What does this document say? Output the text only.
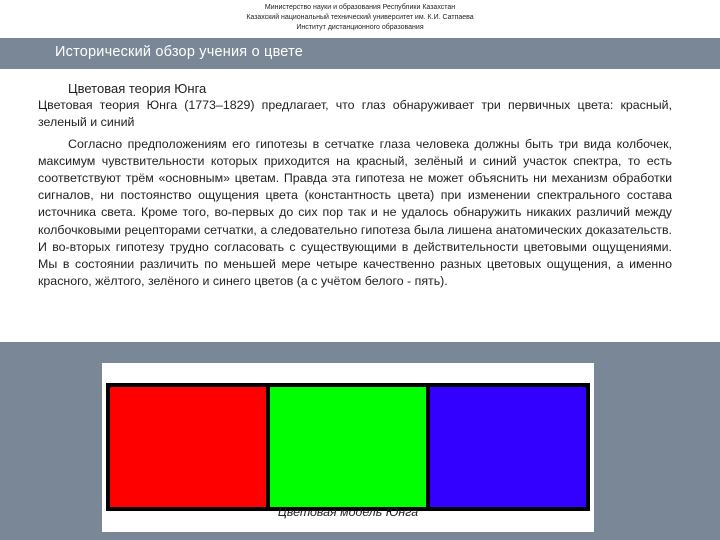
Министерство науки и образования Республики Казахстан
Казахский нациoнальный технический университет им. К.И. Сатпаева
Институт дистанционного образования
Исторический обзор учения о цвете
Цветовая теория Юнга
Цветовая теория Юнга (1773–1829) предлагает, что глаз обнаруживает три первичных цвета: красный, зеленый и синий
Согласно предположениям его гипотезы в сетчатке глаза человека должны быть три вида колбочек, максимум чувствительности которых приходится на красный, зелёный и синий участок спектра, то есть соответствуют трём «основным» цветам. Правда эта гипотеза не может объяснить ни механизм обработки сигналов, ни постоянство ощущения цвета (константность цвета) при изменении спектрального состава источника света. Кроме того, во-первых до сих пор так и не удалось обнаружить никаких различий между колбочковыми рецепторами сетчатки, а следовательно гипотеза была лишена анатомических доказательств. И во-вторых гипотезу трудно согласовать с существующими в действительности цветовыми ощущениями. Мы в состоянии различить по меньшей мере четыре качественно разных цветовых ощущения, а именно красного, жёлтого, зелёного и синего цветов (а с учётом белого - пять).
Цветовая модель Юнга
